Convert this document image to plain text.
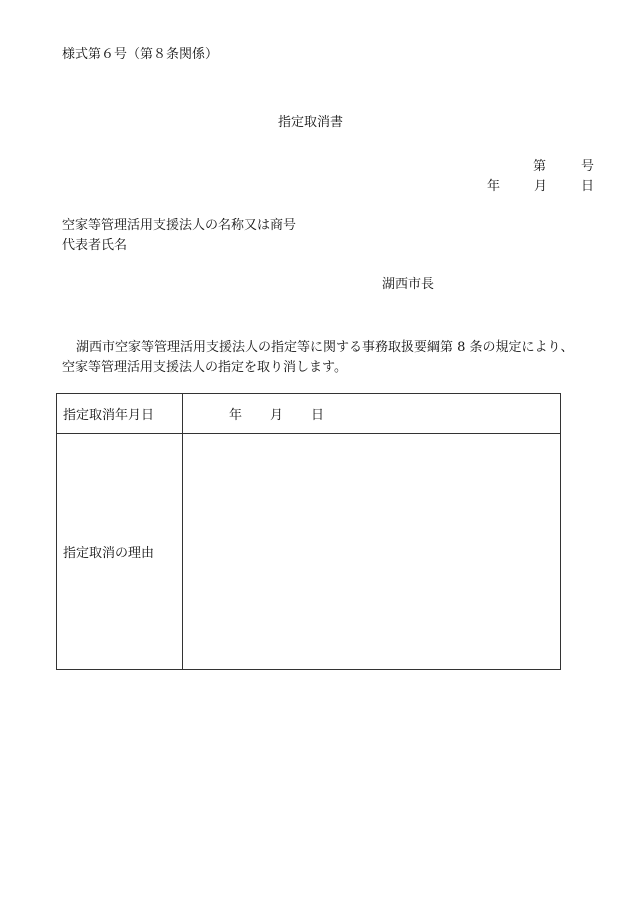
様式第６号（第８条関係）
指定取消書
第	号
年	月	日
空家等管理活用支援法人の名称又は商号
代表者氏名
湖西市長
湖西市空家等管理活用支援法人の指定等に関する事務取扱要綱第 8 条の規定により、
空家等管理活用支援法人の指定を取り消します。
指定取消年月日	年 月 日
指定取消の理由	
